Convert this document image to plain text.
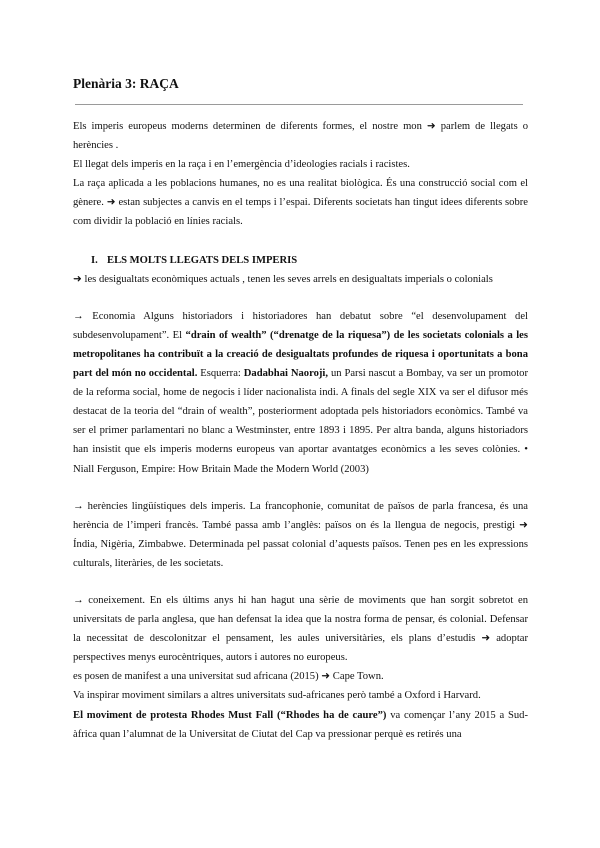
Plenària 3: RAÇA

Els imperis europeus moderns determinen de diferents formes, el nostre mon ➜ parlem de llegats o herències .

El llegat dels imperis en la raça i en l’emergència d’ideologies racials i racistes.

La raça aplicada a les poblacions humanes, no es una realitat biològica. És una construcció social com el gènere. ➜ estan subjectes a canvis en el temps i l’espai. Diferents societats han tingut idees diferents sobre com dividir la població en línies racials.

I. ELS MOLTS LLEGATS DELS IMPERIS

➜ les desigualtats econòmiques actuals , tenen les seves arrels en desigualtats imperials o colonials

→ Economia Alguns historiadors i historiadores han debatut sobre “el desenvolupament del subdesenvolupament”. El “drain of wealth” (“drenatge de la riquesa”) de les societats colonials a les metropolitanes ha contribuït a la creació de desigualtats profundes de riquesa i oportunitats a bona part del món no occidental. Esquerra: Dadabhai Naoroji, un Parsi nascut a Bombay, va ser un promotor de la reforma social, home de negocis i líder nacionalista indi. A finals del segle XIX va ser el difusor més destacat de la teoria del “drain of wealth”, posteriorment adoptada pels historiadors econòmics. També va ser el primer parlamentari no blanc a Westminster, entre 1893 i 1895. Per altra banda, alguns historiadors han insistit que els imperis moderns europeus van aportar avantatges econòmics a les seves colònies. • Niall Ferguson, Empire: How Britain Made the Modern World (2003)

→ herències lingüístiques dels imperis. La francophonie, comunitat de països de parla francesa, és una herència de l’imperi francès. També passa amb l’anglès: països on és la llengua de negocis, prestigi ➜ Índia, Nigèria, Zimbabwe. Determinada pel passat colonial d’aquests països. Tenen pes en les expressions culturals, literàries, de les societats.

→ coneixement. En els últims anys hi han hagut una sèrie de moviments que han sorgit sobretot en universitats de parla anglesa, que han defensat la idea que la nostra forma de pensar, és colonial. Defensar la necessitat de descolonitzar el pensament, les aules universitàries, els plans d’estudis ➜ adoptar perspectives menys eurocèntriques, autors i autores no europeus.

es posen de manifest a una universitat sud africana (2015) ➜ Cape Town.

Va inspirar moviment similars a altres universitats sud-africanes però també a Oxford i Harvard.

El moviment de protesta Rhodes Must Fall (“Rhodes ha de caure”) va començar l’any 2015 a Sud-àfrica quan l’alumnat de la Universitat de Ciutat del Cap va pressionar perquè es retirés una
